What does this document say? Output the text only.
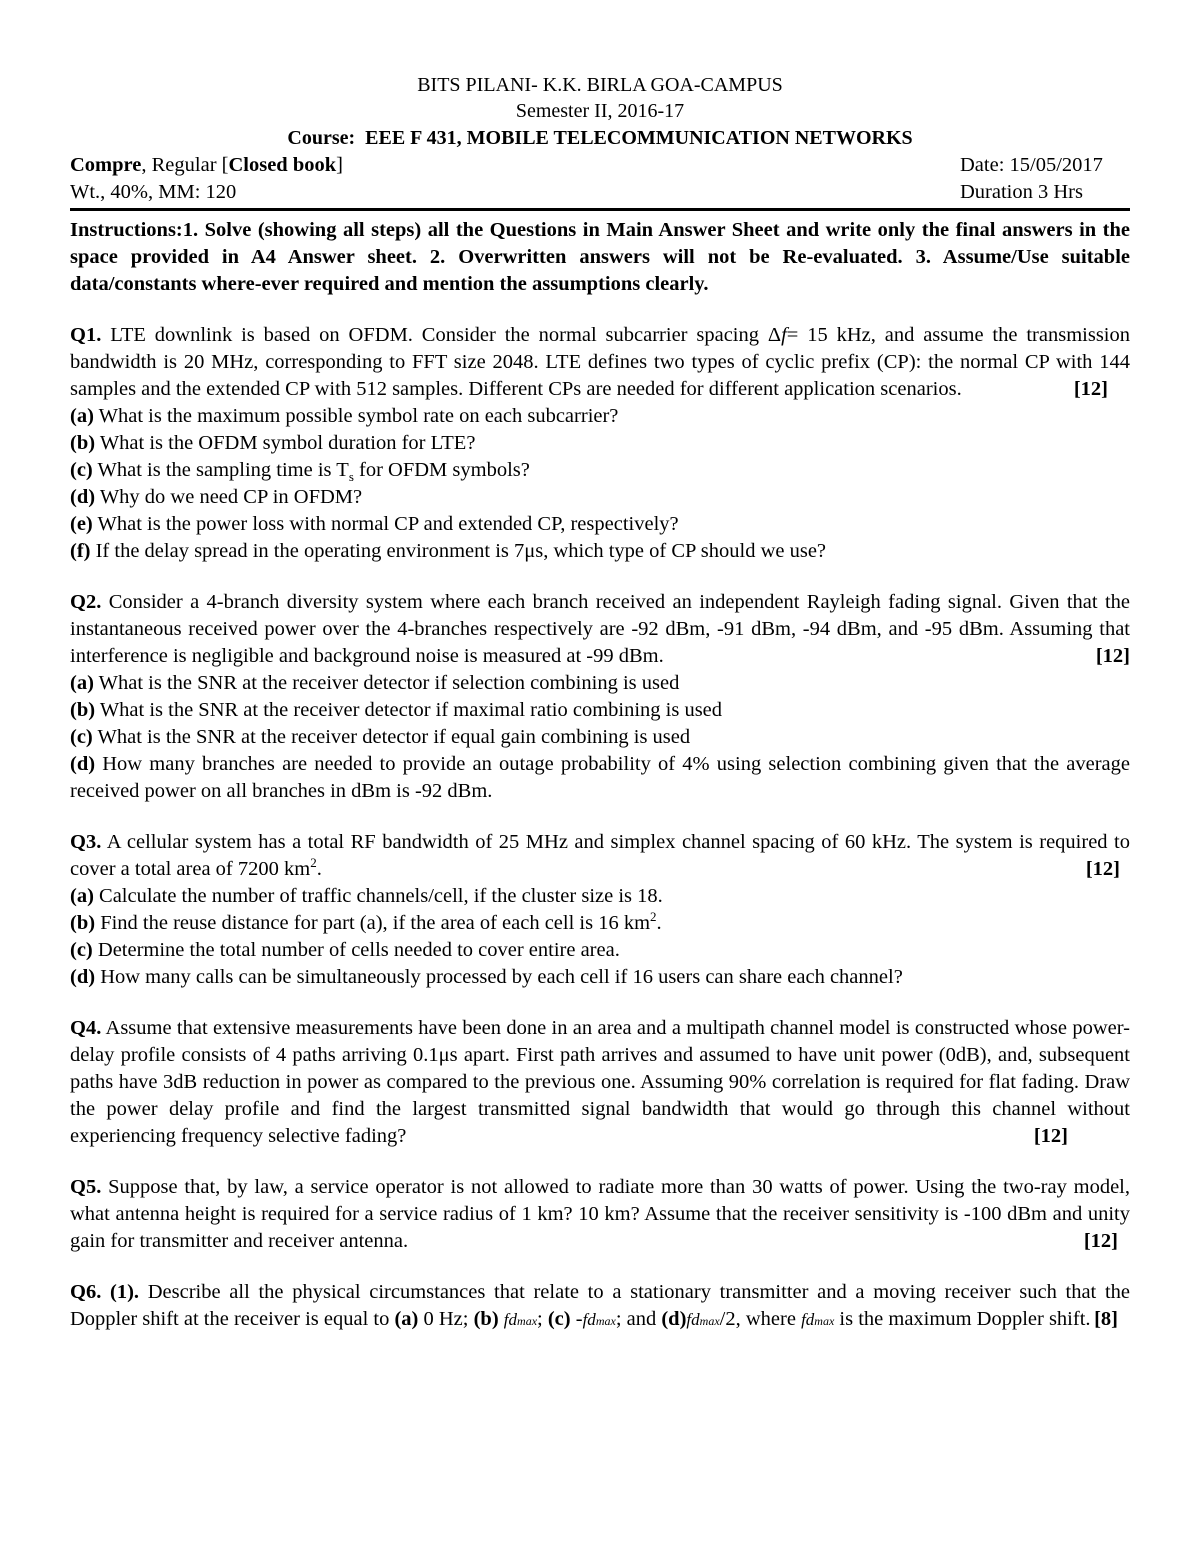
BITS PILANI- K.K. BIRLA GOA-CAMPUS
Semester II, 2016-17
Course: EEE F 431, MOBILE TELECOMMUNICATION NETWORKS
Compre, Regular [Closed book]	Date: 15/05/2017
Wt., 40%, MM: 120	Duration 3 Hrs
Instructions:1. Solve (showing all steps) all the Questions in Main Answer Sheet and write only the final answers in the space provided in A4 Answer sheet. 2. Overwritten answers will not be Re-evaluated. 3. Assume/Use suitable data/constants where-ever required and mention the assumptions clearly.

Q1. LTE downlink is based on OFDM. Consider the normal subcarrier spacing Δf= 15 kHz, and assume the transmission bandwidth is 20 MHz, corresponding to FFT size 2048. LTE defines two types of cyclic prefix (CP): the normal CP with 144 samples and the extended CP with 512 samples. Different CPs are needed for different application scenarios.	[12]

(a) What is the maximum possible symbol rate on each subcarrier?

(b) What is the OFDM symbol duration for LTE?

(c) What is the sampling time is $T_s$ for OFDM symbols?

(d) Why do we need CP in OFDM?

(e) What is the power loss with normal CP and extended CP, respectively?

(f) If the delay spread in the operating environment is 7μs, which type of CP should we use?

Q2. Consider a 4-branch diversity system where each branch received an independent Rayleigh fading signal. Given that the instantaneous received power over the 4-branches respectively are -92 dBm, -91 dBm, -94 dBm, and -95 dBm. Assuming that interference is negligible and background noise is measured at -99 dBm.	[12]

(a) What is the SNR at the receiver detector if selection combining is used

(b) What is the SNR at the receiver detector if maximal ratio combining is used

(c) What is the SNR at the receiver detector if equal gain combining is used

(d) How many branches are needed to provide an outage probability of 4% using selection combining given that the average received power on all branches in dBm is -92 dBm.

Q3. A cellular system has a total RF bandwidth of 25 MHz and simplex channel spacing of 60 kHz. The system is required to cover a total area of 7200 $km^2$.	[12]

(a) Calculate the number of traffic channels/cell, if the cluster size is 18.

(b) Find the reuse distance for part (a), if the area of each cell is 16 $km^2$.

(c) Determine the total number of cells needed to cover entire area.

(d) How many calls can be simultaneously processed by each cell if 16 users can share each channel?

Q4. Assume that extensive measurements have been done in an area and a multipath channel model is constructed whose power-delay profile consists of 4 paths arriving 0.1μs apart. First path arrives and assumed to have unit power (0dB), and, subsequent paths have 3dB reduction in power as compared to the previous one. Assuming 90% correlation is required for flat fading. Draw the power delay profile and find the largest transmitted signal bandwidth that would go through this channel without experiencing frequency selective fading?	[12]

Q5. Suppose that, by law, a service operator is not allowed to radiate more than 30 watts of power. Using the two-ray model, what antenna height is required for a service radius of 1 km? 10 km? Assume that the receiver sensitivity is -100 dBm and unity gain for transmitter and receiver antenna.	[12]

Q6. (1). Describe all the physical circumstances that relate to a stationary transmitter and a moving receiver such that the Doppler shift at the receiver is equal to (a) 0 Hz; (b) fdmax; (c) -fdmax; and (d)fdmax/2, where fdmax is the maximum Doppler shift. [8]
